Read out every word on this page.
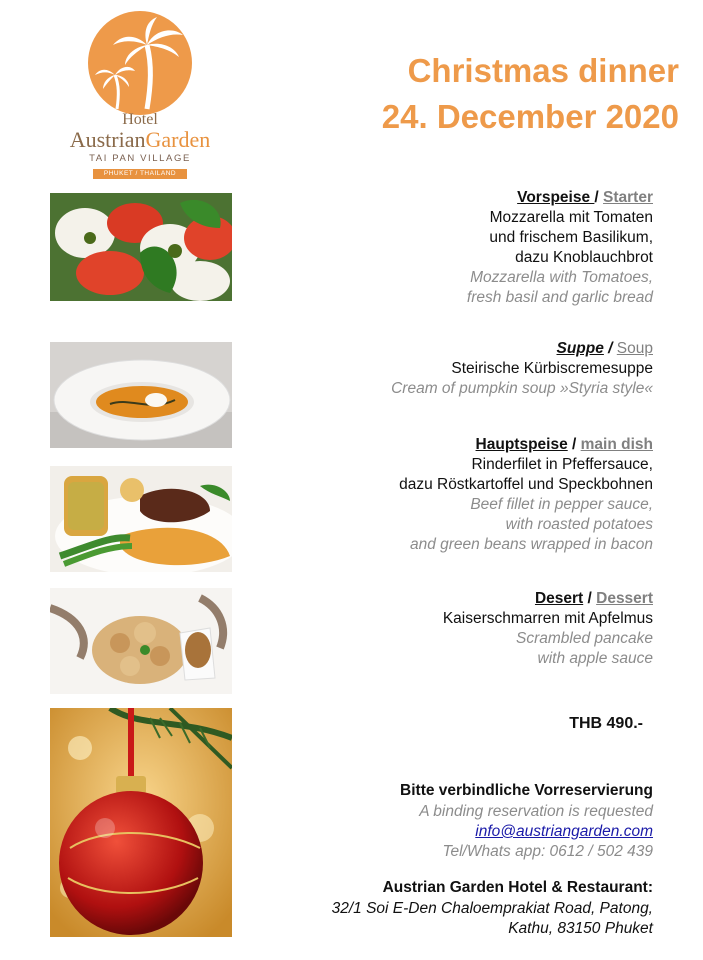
Hotel
AustrianGarden
TAI PAN VILLAGE
PHUKET / THAILAND
Christmas dinner
24. December 2020
Vorspeise / Starter
Mozzarella mit Tomaten
und frischem Basilikum,
dazu Knoblauchbrot
Mozzarella with Tomatoes,
fresh basil and garlic bread
Suppe / Soup
Steirische Kürbiscremesuppe
Cream of pumpkin soup »Styria style«
Hauptspeise / main dish
Rinderfilet in Pfeffersauce,
dazu Röstkartoffel und Speckbohnen
Beef fillet in pepper sauce,
with roasted potatoes
and green beans wrapped in bacon
Desert / Dessert
Kaiserschmarren mit Apfelmus
Scrambled pancake
with apple sauce
THB 490.-
Bitte verbindliche Vorreservierung
A binding reservation is requested
info@austriangarden.com
Tel/Whats app: 0612 / 502 439
Austrian Garden Hotel & Restaurant:
32/1 Soi E-Den Chaloemprakiat Road, Patong,
Kathu, 83150 Phuket
